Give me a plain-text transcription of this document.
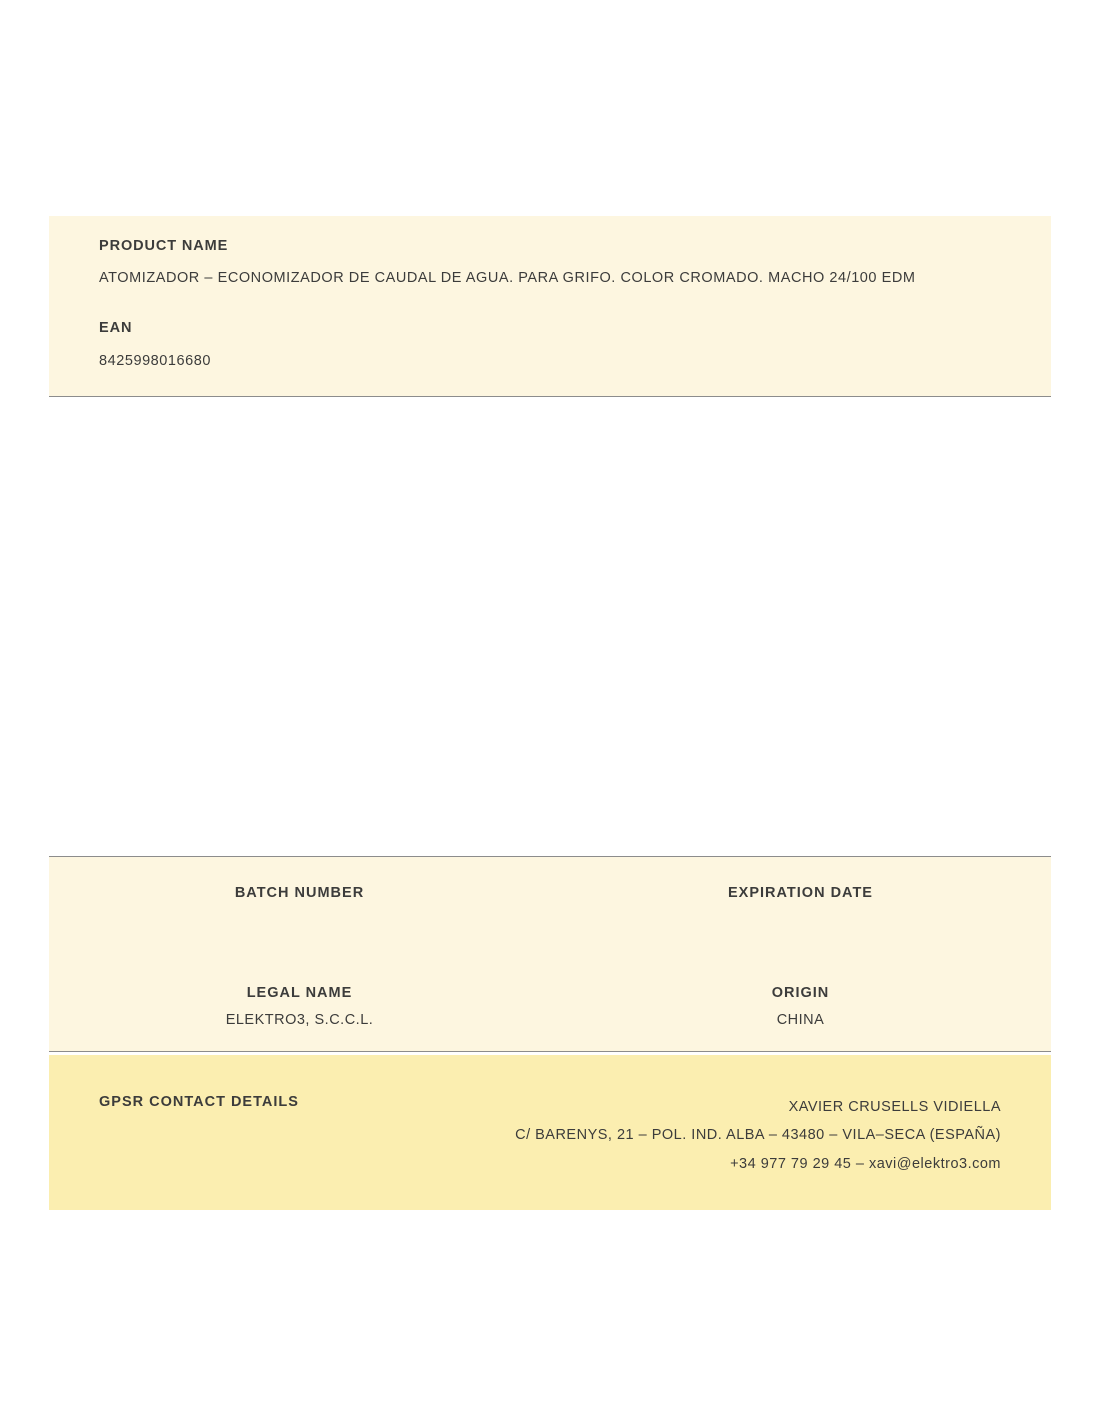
PRODUCT NAME
ATOMIZADOR – ECONOMIZADOR DE CAUDAL DE AGUA. PARA GRIFO. COLOR CROMADO. MACHO 24/100 EDM
EAN
8425998016680
BATCH NUMBER	EXPIRATION DATE
LEGAL NAME
ELEKTRO3, S.C.C.L.
ORIGIN
CHINA
GPSR CONTACT DETAILS	XAVIER CRUSELLS VIDIELLA
C/ BARENYS, 21 – POL. IND. ALBA – 43480 – VILA–SECA (ESPAÑA)
+34 977 79 29 45 – xavi@elektro3.com
